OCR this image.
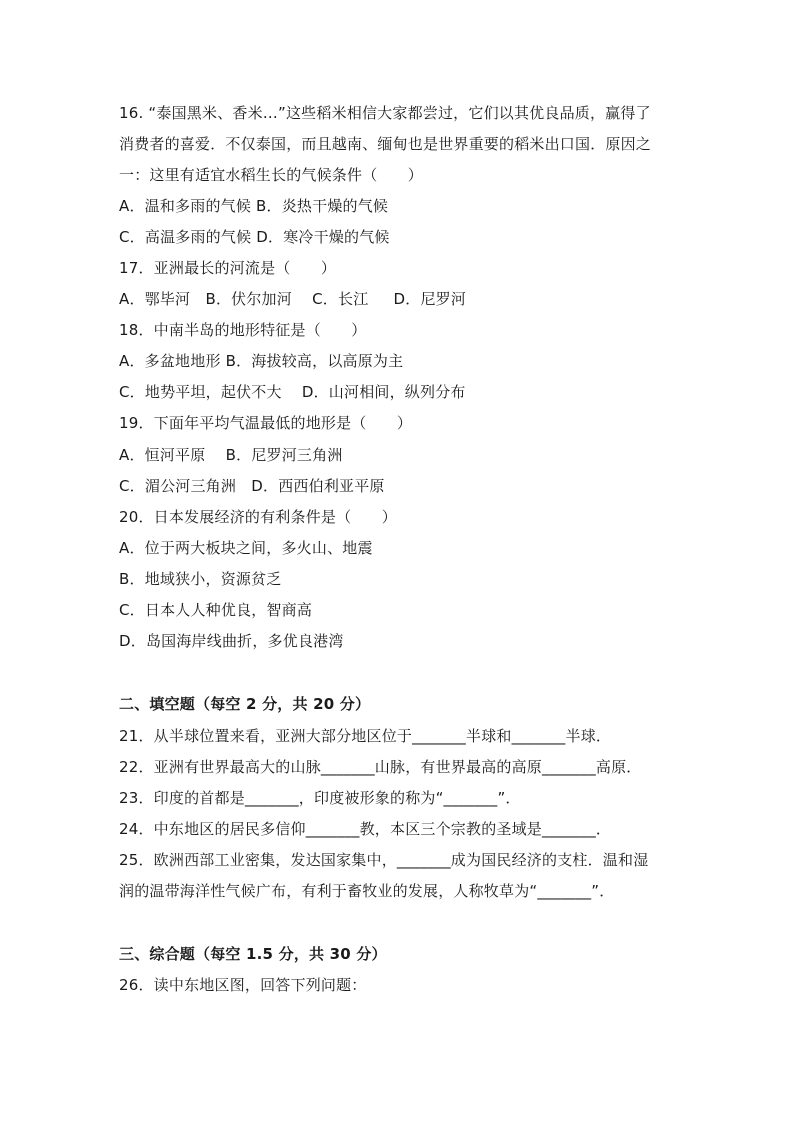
16. “泰国黑米、香米…”这些稻米相信大家都尝过，它们以其优良品质，赢得了
消费者的喜爱．不仅泰国，而且越南、缅甸也是世界重要的稻米出口国．原因之
一：这里有适宜水稻生长的气候条件（　　）
A．温和多雨的气候 B．炎热干燥的气候
C．高温多雨的气候 D．寒冷干燥的气候
17．亚洲最长的河流是（　　）
A．鄂毕河　B．伏尔加河　 C．长江　  D．尼罗河
18．中南半岛的地形特征是（　　）
A．多盆地地形 B．海拔较高，以高原为主
C．地势平坦，起伏不大　 D．山河相间，纵列分布
19．下面年平均气温最低的地形是（　　）
A．恒河平原　 B．尼罗河三角洲
C．湄公河三角洲　D．西西伯利亚平原
20．日本发展经济的有利条件是（　　）
A．位于两大板块之间，多火山、地震
B．地域狭小，资源贫乏
C．日本人人种优良，智商高
D．岛国海岸线曲折，多优良港湾
二、填空题（每空 2 分，共 20 分）
21．从半球位置来看，亚洲大部分地区位于_______半球和_______半球．
22．亚洲有世界最高大的山脉_______山脉，有世界最高的高原_______高原．
23．印度的首都是_______，印度被形象的称为“_______”．
24．中东地区的居民多信仰_______教，本区三个宗教的圣域是_______．
25．欧洲西部工业密集，发达国家集中，_______成为国民经济的支柱．温和湿
润的温带海洋性气候广布，有利于畜牧业的发展，人称牧草为“_______”．
三、综合题（每空 1.5 分，共 30 分）
26．读中东地区图，回答下列问题：
